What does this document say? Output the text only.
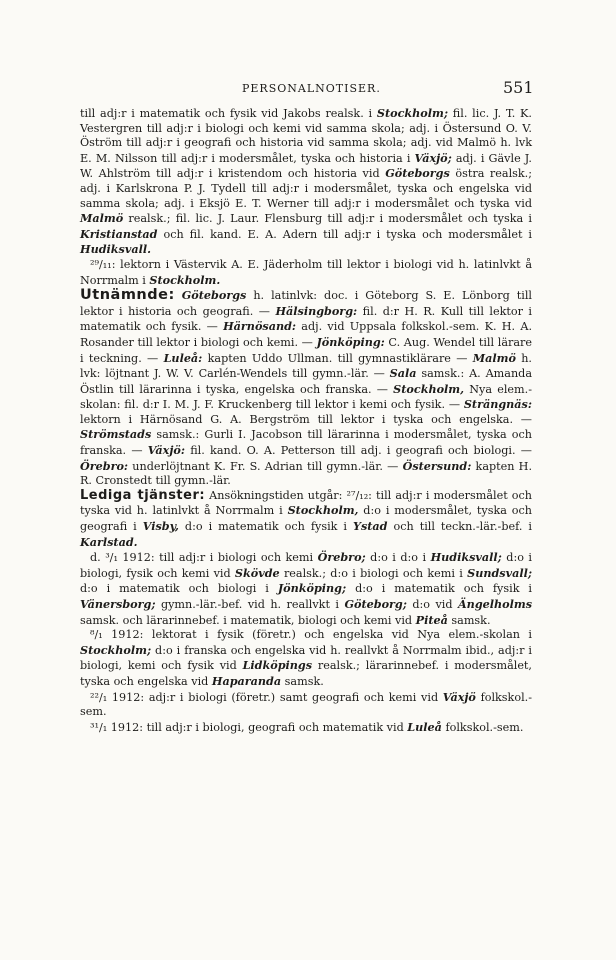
PERSONALNOTISER.	551

till adj:r i matematik och fysik vid Jakobs realsk. i Stockholm; fil. lic. J. T. K. Vestergren till adj:r i biologi och kemi vid samma skola; adj. i Östersund O. V. Öström till adj:r i geografi och historia vid samma skola; adj. vid Malmö h. lvk E. M. Nilsson till adj:r i modersmålet, tyska och historia i Växjö; adj. i Gävle J. W. Ahlström till adj:r i kristendom och historia vid Göteborgs östra realsk.; adj. i Karlskrona P. J. Tydell till adj:r i modersmålet, tyska och engelska vid samma skola; adj. i Eksjö E. T. Werner till adj:r i modersmålet och tyska vid Malmö realsk.; fil. lic. J. Laur. Flensburg till adj:r i modersmålet och tyska i Kristianstad och fil. kand. E. A. Adern till adj:r i tyska och modersmålet i Hudiksvall.

²⁹/₁₁: lektorn i Västervik A. E. Jäderholm till lektor i biologi vid h. latinlvkt å Norrmalm i Stockholm.

Utnämnde: Göteborgs h. latinlvk: doc. i Göteborg S. E. Lönborg till lektor i historia och geografi. — Hälsingborg: fil. d:r H. R. Kull till lektor i matematik och fysik. — Härnösand: adj. vid Uppsala folkskol.-sem. K. H. A. Rosander till lektor i biologi och kemi. — Jönköping: C. Aug. Wendel till lärare i teckning. — Luleå: kapten Uddo Ullman. till gymnastiklärare — Malmö h. lvk: löjtnant J. W. V. Carlén-Wendels till gymn.-lär. — Sala samsk.: A. Amanda Östlin till lärarinna i tyska, engelska och franska. — Stockholm, Nya elem.-skolan: fil. d:r I. M. J. F. Kruckenberg till lektor i kemi och fysik. — Strängnäs: lektorn i Härnösand G. A. Bergström till lektor i tyska och engelska. — Strömstads samsk.: Gurli I. Jacobson till lärarinna i modersmålet, tyska och franska. — Växjö: fil. kand. O. A. Petterson till adj. i geografi och biologi. — Örebro: underlöjtnant K. Fr. S. Adrian till gymn.-lär. — Östersund: kapten H. R. Cronstedt till gymn.-lär.

Lediga tjänster: Ansökningstiden utgår: ²⁷/₁₂: till adj:r i modersmålet och tyska vid h. latinlvkt å Norrmalm i Stockholm, d:o i modersmålet, tyska och geografi i Visby, d:o i matematik och fysik i Ystad och till teckn.-lär.-bef. i Karlstad.

d. ³/₁ 1912: till adj:r i biologi och kemi Örebro; d:o i d:o i Hudiksvall; d:o i biologi, fysik och kemi vid Skövde realsk.; d:o i biologi och kemi i Sundsvall; d:o i matematik och biologi i Jönköping; d:o i matematik och fysik i Vänersborg; gymn.-lär.-bef. vid h. reallvkt i Göteborg; d:o vid Ängelholms samsk. och lärarinnebef. i matematik, biologi och kemi vid Piteå samsk.

⁸/₁ 1912: lektorat i fysik (företr.) och engelska vid Nya elem.-skolan i Stockholm; d:o i franska och engelska vid h. reallvkt å Norrmalm ibid., adj:r i biologi, kemi och fysik vid Lidköpings realsk.; lärarinnebef. i modersmålet, tyska och engelska vid Haparanda samsk.

²²/₁ 1912: adj:r i biologi (företr.) samt geografi och kemi vid Växjö folkskol.-sem.

³¹/₁ 1912: till adj:r i biologi, geografi och matematik vid Luleå folkskol.-sem.
